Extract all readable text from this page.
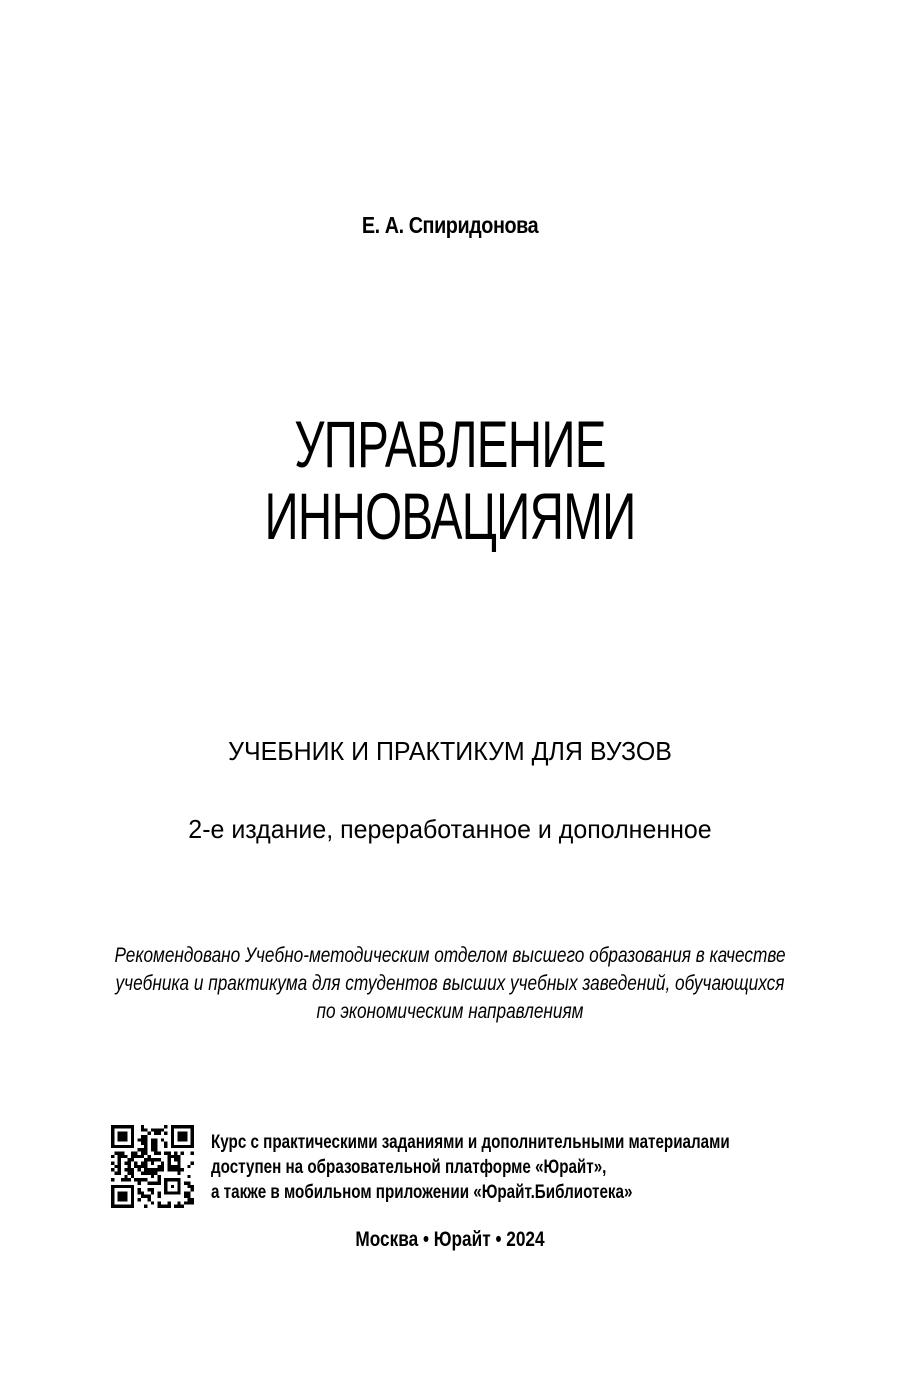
Е. А. Спиридонова
УПРАВЛЕНИЕ
ИННОВАЦИЯМИ
УЧЕБНИК И ПРАКТИКУМ ДЛЯ ВУЗОВ
2-е издание, переработанное и дополненное
Рекомендовано Учебно-методическим отделом высшего образования в качестве
учебника и практикума для студентов высших учебных заведений, обучающихся
по экономическим направлениям
Курс с практическими заданиями и дополнительными материалами
доступен на образовательной платформе «Юрайт»,
а также в мобильном приложении «Юрайт.Библиотека»
Москва • Юрайт • 2024
